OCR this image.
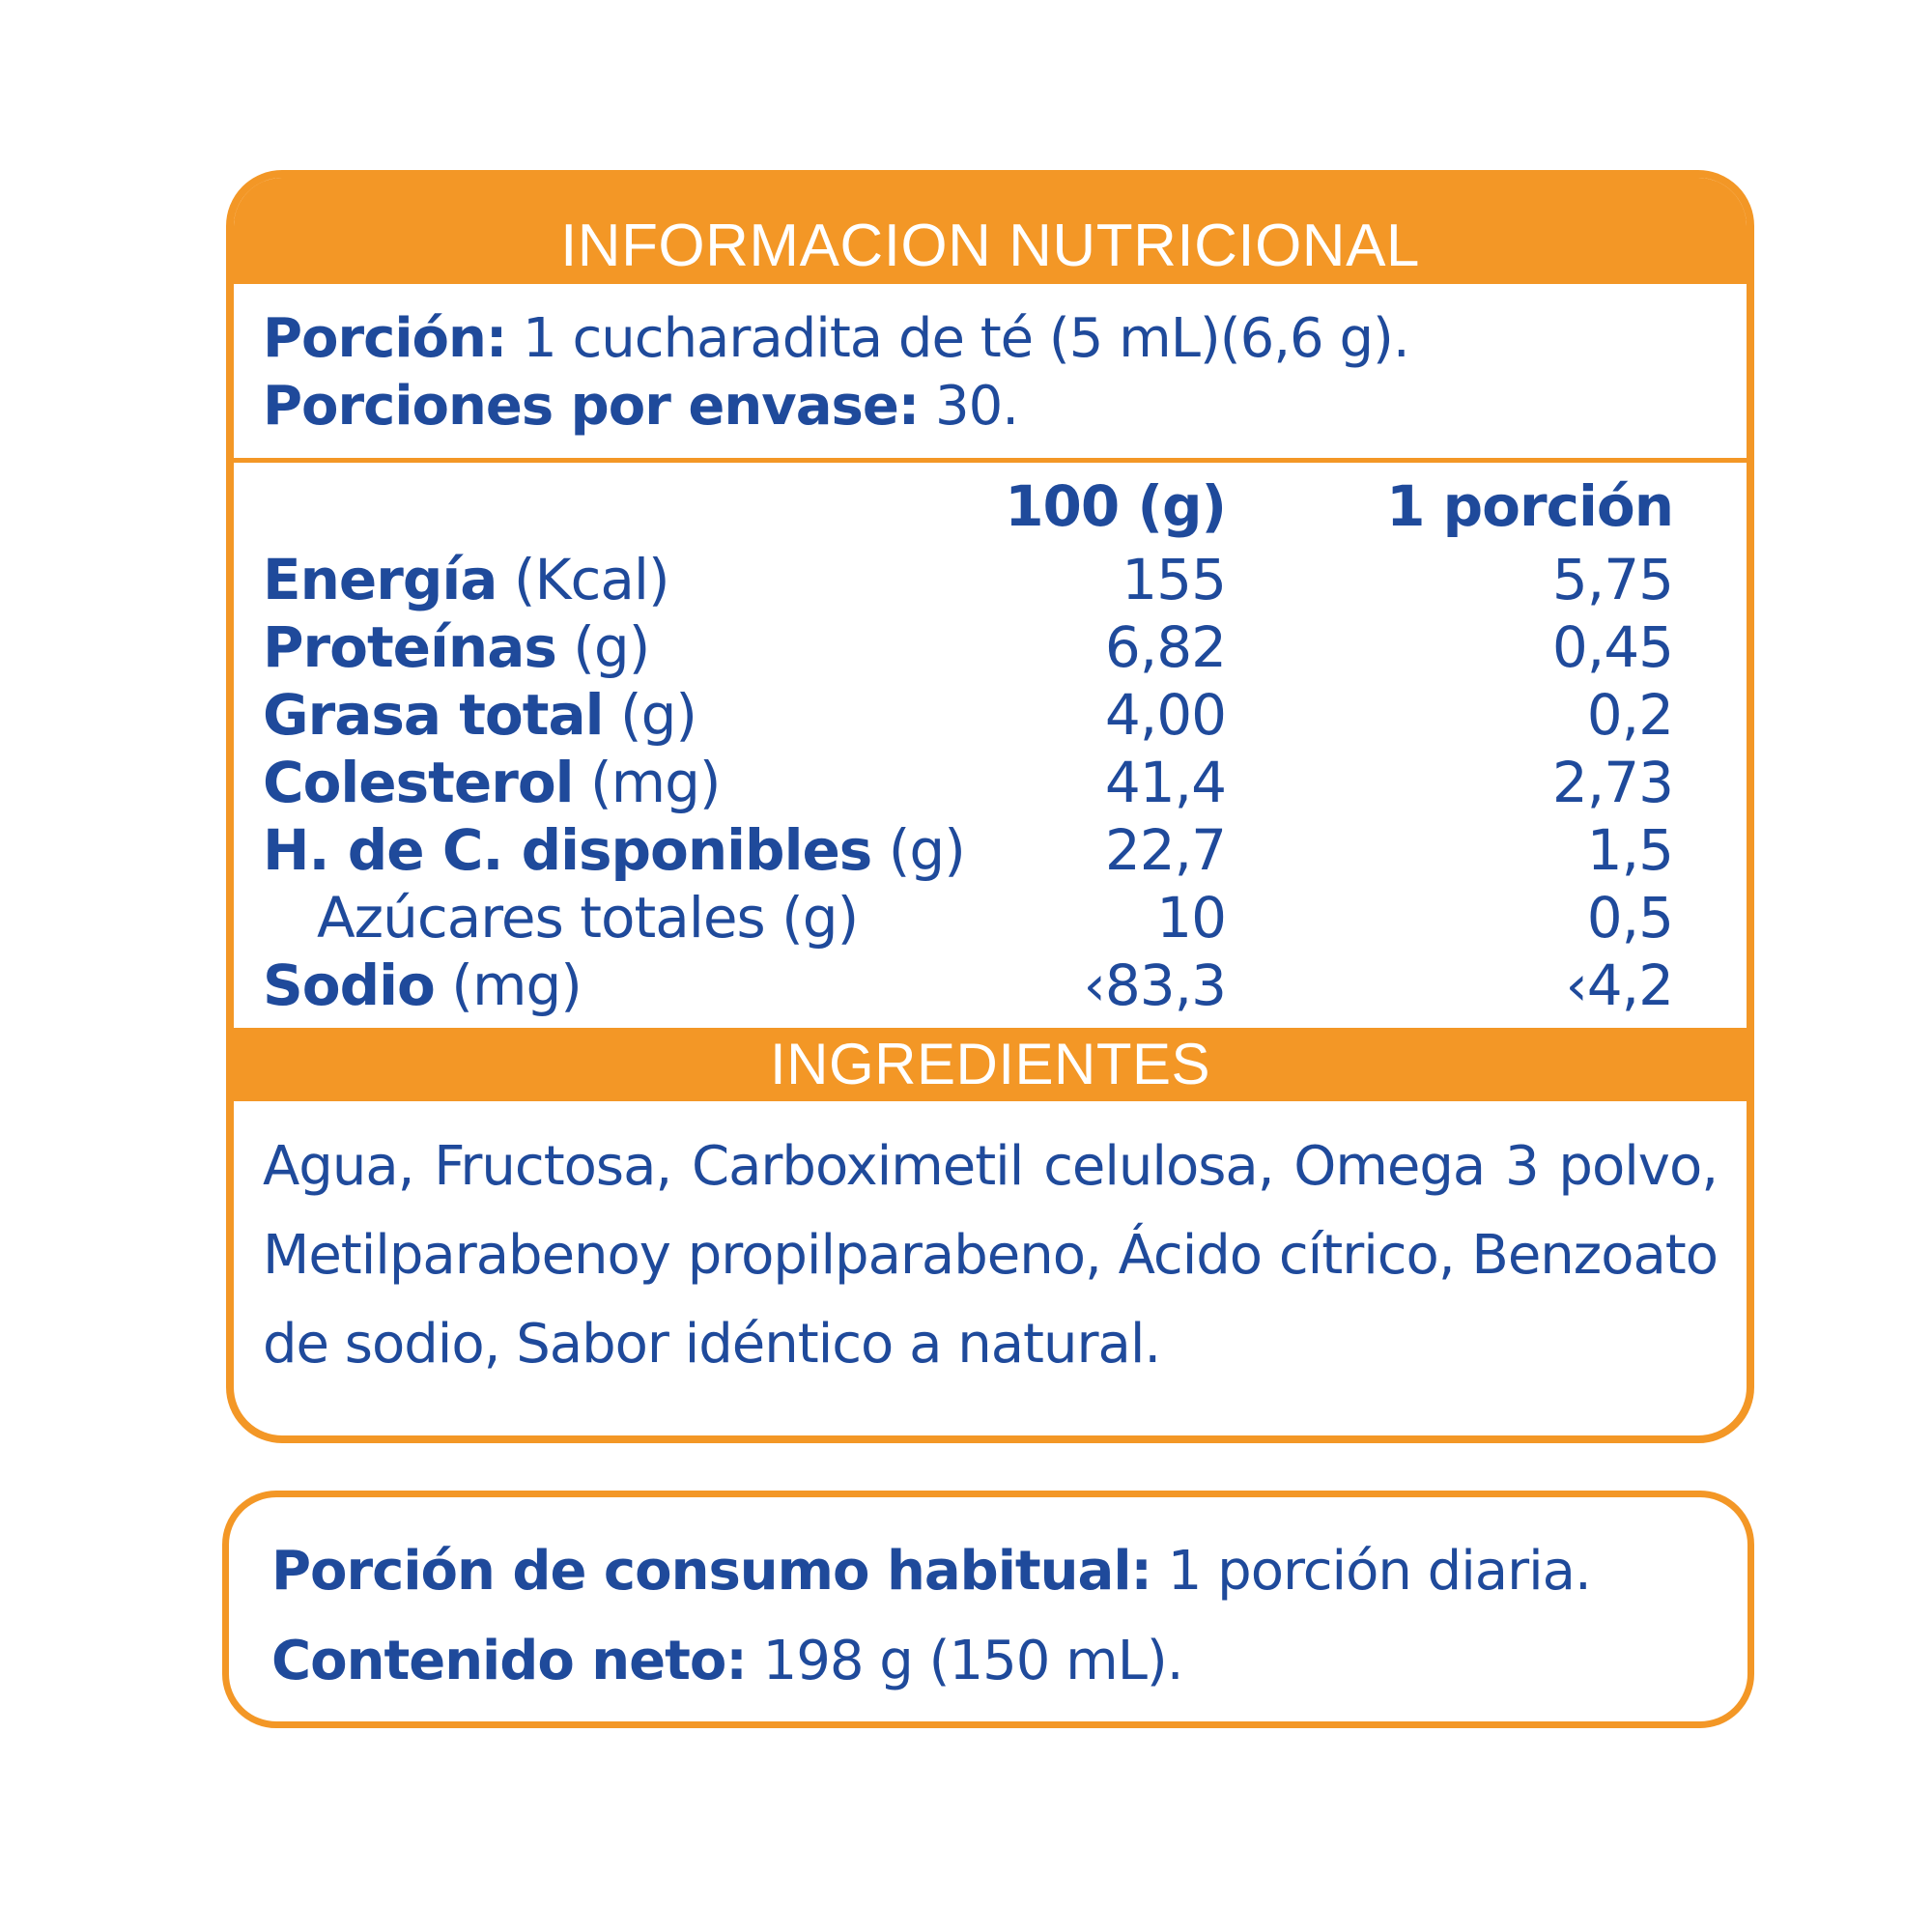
INFORMACION NUTRICIONAL
Porción: 1 cucharadita de té (5 mL)(6,6 g).
Porciones por envase: 30.
100 (g)	1 porción
Energía (Kcal)	155	5,75
Proteínas (g)	6,82	0,45
Grasa total (g)	4,00	0,2
Colesterol (mg)	41,4	2,73
H. de C. disponibles (g)	22,7	1,5
Azúcares totales (g)	10	0,5
Sodio (mg)	‹83,3	‹4,2
INGREDIENTES
Agua, Fructosa, Carboximetil celulosa, Omega 3 polvo, Metilparabenoy propilparabeno, Ácido cítrico, Benzoato de sodio, Sabor idéntico a natural.
Porción de consumo habitual: 1 porción diaria.
Contenido neto: 198 g (150 mL).
